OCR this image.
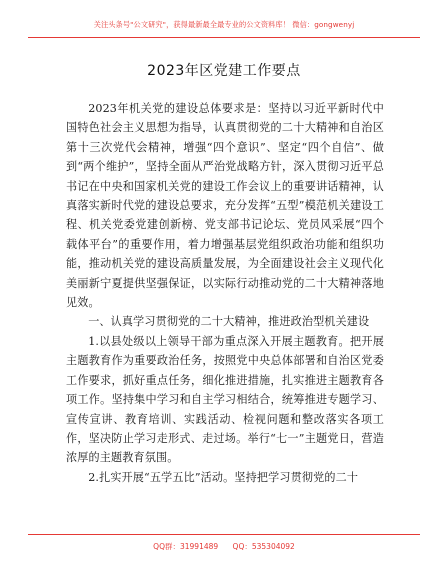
关注头条号"公文研究"，获得最新最全最专业的公文资料库！ 微信：gongwenyj
2023年区党建工作要点

2023年机关党的建设总体要求是：坚持以习近平新时代中国特色社会主义思想为指导，认真贯彻党的二十大精神和自治区第十三次党代会精神，增强“四个意识”、坚定“四个自信”、做到“两个维护”，坚持全面从严治党战略方针，深入贯彻习近平总书记在中央和国家机关党的建设工作会议上的重要讲话精神，认真落实新时代党的建设总要求，充分发挥“五型”模范机关建设工程、机关党委党建创新榜、党支部书记论坛、党员风采展“四个载体平台”的重要作用，着力增强基层党组织政治功能和组织功能，推动机关党的建设高质量发展，为全面建设社会主义现代化美丽新宁夏提供坚强保证，以实际行动推动党的二十大精神落地见效。

一、认真学习贯彻党的二十大精神，推进政治型机关建设

1.以县处级以上领导干部为重点深入开展主题教育。把开展主题教育作为重要政治任务，按照党中央总体部署和自治区党委工作要求，抓好重点任务，细化推进措施，扎实推进主题教育各项工作。坚持集中学习和自主学习相结合，统筹推进专题学习、宣传宣讲、教育培训、实践活动、检视问题和整改落实各项工作，坚决防止学习走形式、走过场。举行“七一”主题党日，营造浓厚的主题教育氛围。

2.扎实开展“五学五比”活动。坚持把学习贯彻党的二十

QQ群：31991489 QQ：535304092
